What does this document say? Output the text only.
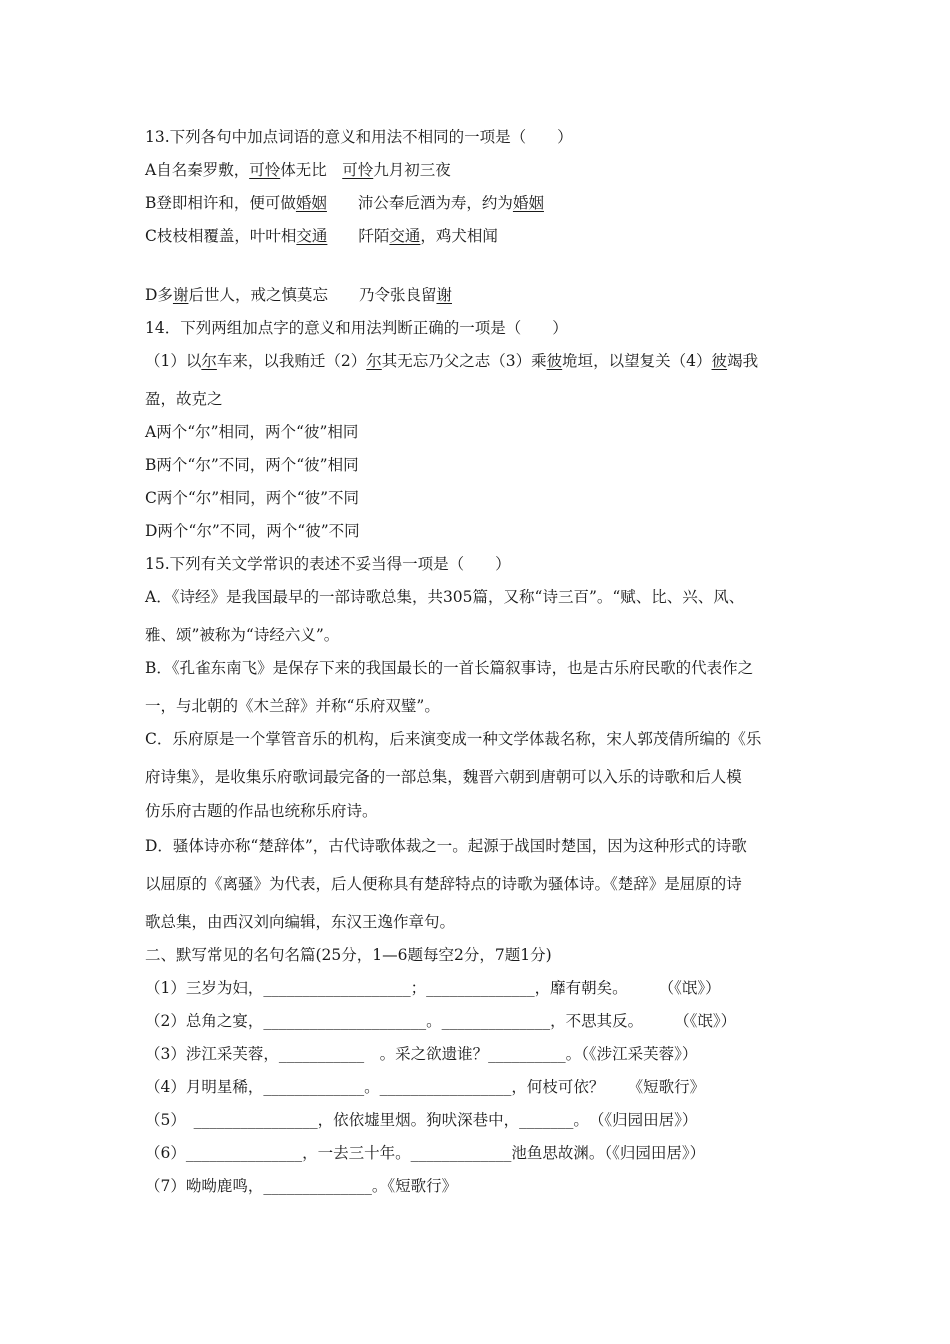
13.下列各句中加点词语的意义和用法不相同的一项是（　　）
A自名秦罗敷，可怜体无比　可怜九月初三夜
B登即相许和，便可做婚姻　　沛公奉卮酒为寿，约为婚姻
C枝枝相覆盖，叶叶相交通　　阡陌交通，鸡犬相闻
D多谢后世人，戒之慎莫忘　　乃令张良留谢
14．下列两组加点字的意义和用法判断正确的一项是（　　）
（1）以尔车来，以我贿迁（2）尔其无忘乃父之志（3）乘彼垝垣，以望复关（4）彼竭我
盈，故克之
A两个“尔”相同，两个“彼”相同
B两个“尔”不同，两个“彼”相同
C两个“尔”相同，两个“彼”不同
D两个“尔”不同，两个“彼”不同
15.下列有关文学常识的表述不妥当得一项是（　　）
A．《诗经》是我国最早的一部诗歌总集，共305篇，又称“诗三百”。“赋、比、兴、风、
雅、颂”被称为“诗经六义”。
B．《孔雀东南飞》是保存下来的我国最长的一首长篇叙事诗，也是古乐府民歌的代表作之
一，与北朝的《木兰辞》并称“乐府双璧”。
C．乐府原是一个掌管音乐的机构，后来演变成一种文学体裁名称，宋人郭茂倩所编的《乐
府诗集》，是收集乐府歌词最完备的一部总集，魏晋六朝到唐朝可以入乐的诗歌和后人模
仿乐府古题的作品也统称乐府诗。
D．骚体诗亦称“楚辞体”，古代诗歌体裁之一。起源于战国时楚国，因为这种形式的诗歌
以屈原的《离骚》为代表，后人便称具有楚辞特点的诗歌为骚体诗。《楚辞》是屈原的诗
歌总集，由西汉刘向编辑，东汉王逸作章句。
二、默写常见的名句名篇(25分，1—6题每空2分，7题1分)
（1）三岁为妇，___________________；______________，靡有朝矣。　　　（《氓》）
（2）总角之宴，_____________________。______________，不思其反。　　　（《氓》）
（3）涉江采芙蓉，___________　。采之欲遗谁？__________。（《涉江采芙蓉》）
（4）月明星稀，_____________。_________________，何枝可依？　　《短歌行》
（5）　________________，依依墟里烟。狗吠深巷中，_______。　（《归园田居》）
（6）_______________，一去三十年。_____________池鱼思故渊。（《归园田居》）
（7）呦呦鹿鸣，______________。《短歌行》
